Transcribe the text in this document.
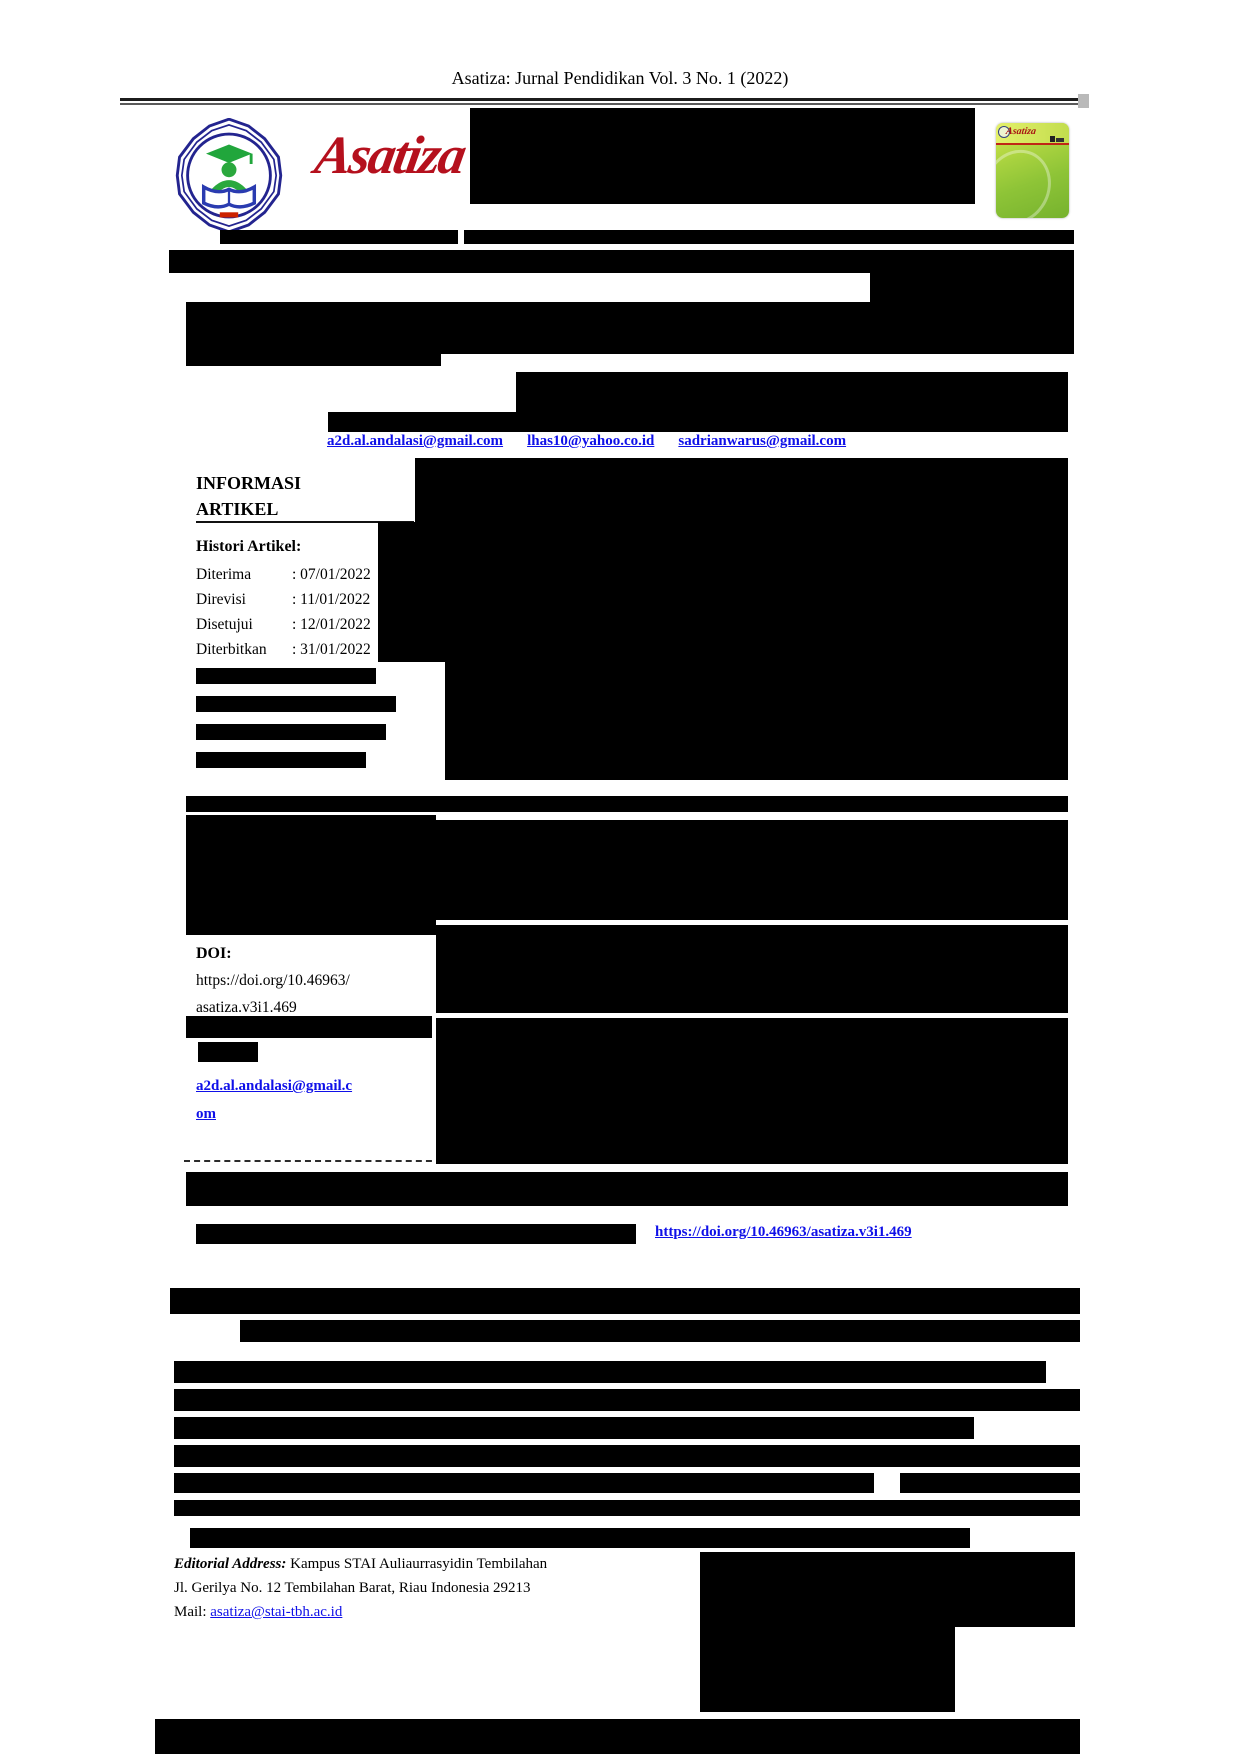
Asatiza: Jurnal Pendidikan Vol. 3 No. 1 (2022)
Asatiza	Asatiza
a2d.al.andalasi@gmail.com lhas10@yahoo.co.id sadrianwarus@gmail.com
INFORMASI
ARTIKEL
Histori Artikel:
Diterima	: 07/01/2022
Direvisi	: 11/01/2022
Disetujui	: 12/01/2022
Diterbitkan	: 31/01/2022
DOI:
https://doi.org/10.46963/
asatiza.v3i1.469
a2d.al.andalasi@gmail.c
om
https://doi.org/10.46963/asatiza.v3i1.469
Editorial Address: Kampus STAI Auliaurrasyidin Tembilahan
Jl. Gerilya No. 12 Tembilahan Barat, Riau Indonesia 29213
Mail: asatiza@stai-tbh.ac.id
